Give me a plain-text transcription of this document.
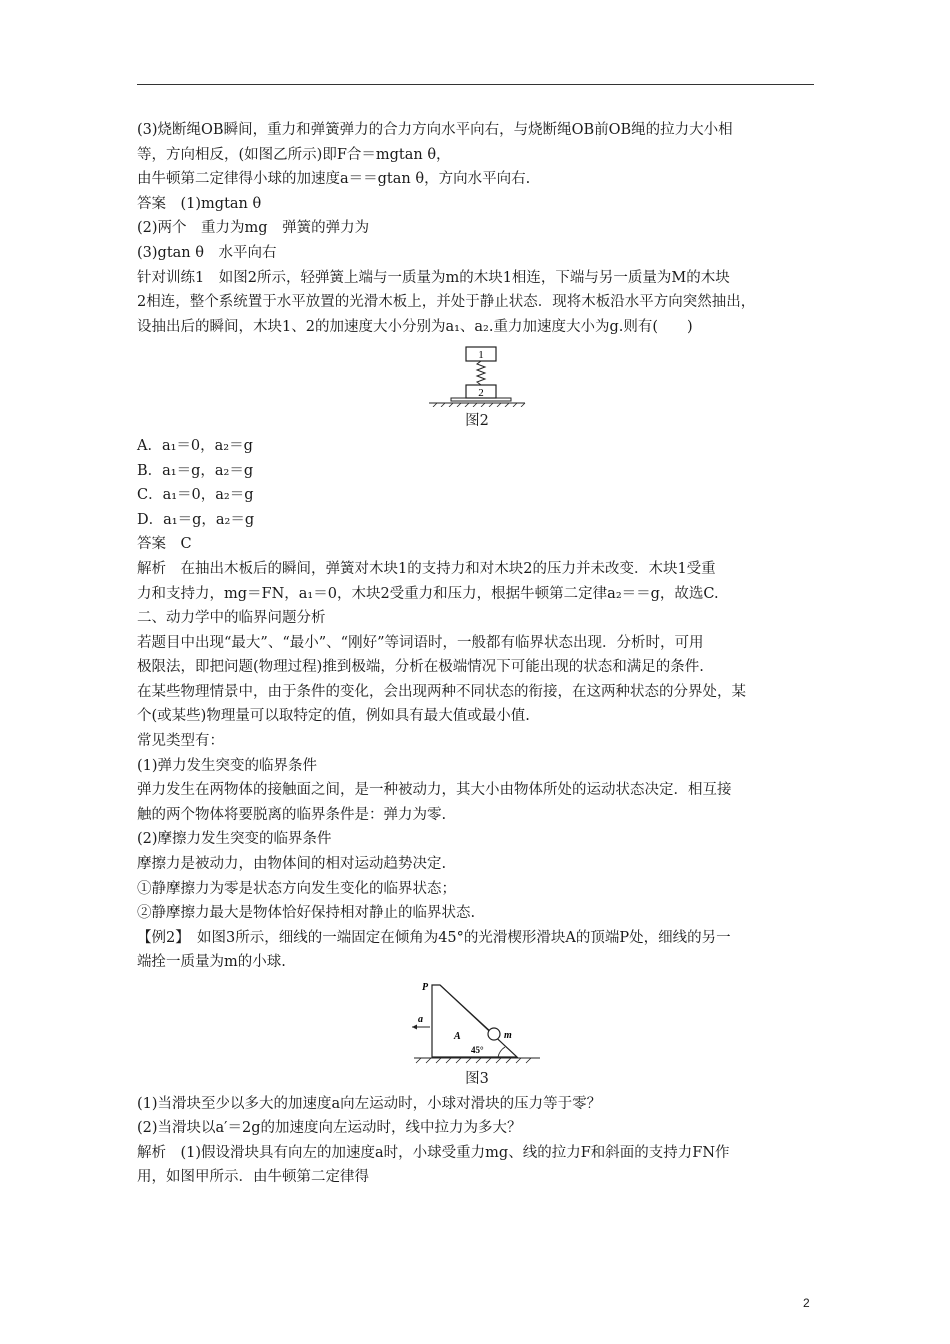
(3)烧断绳OB瞬间，重力和弹簧弹力的合力方向水平向右，与烧断绳OB前OB绳的拉力大小相

等，方向相反，(如图乙所示)即F合＝mgtan θ，

由牛顿第二定律得小球的加速度a＝＝gtan θ，方向水平向右.

答案　(1)mgtan θ

(2)两个　重力为mg　弹簧的弹力为

(3)gtan θ　水平向右

针对训练1　如图2所示，轻弹簧上端与一质量为m的木块1相连，下端与另一质量为M的木块

2相连，整个系统置于水平放置的光滑木板上，并处于静止状态．现将木板沿水平方向突然抽出，

设抽出后的瞬间，木块1、2的加速度大小分别为a₁、a₂.重力加速度大小为g.则有(　　)

1
2

图2

A．a₁＝0，a₂＝g

B．a₁＝g，a₂＝g

C．a₁＝0，a₂＝g

D．a₁＝g，a₂＝g

答案　C

解析　在抽出木板后的瞬间，弹簧对木块1的支持力和对木块2的压力并未改变．木块1受重

力和支持力，mg＝FN，a₁＝0，木块2受重力和压力，根据牛顿第二定律a₂＝＝g，故选C.

二、动力学中的临界问题分析

若题目中出现“最大”、“最小”、“刚好”等词语时，一般都有临界状态出现．分析时，可用

极限法，即把问题(物理过程)推到极端，分析在极端情况下可能出现的状态和满足的条件.

在某些物理情景中，由于条件的变化，会出现两种不同状态的衔接，在这两种状态的分界处，某

个(或某些)物理量可以取特定的值，例如具有最大值或最小值.

常见类型有：

(1)弹力发生突变的临界条件

弹力发生在两物体的接触面之间，是一种被动力，其大小由物体所处的运动状态决定．相互接

触的两个物体将要脱离的临界条件是：弹力为零.

(2)摩擦力发生突变的临界条件

摩擦力是被动力，由物体间的相对运动趋势决定.

①静摩擦力为零是状态方向发生变化的临界状态；

②静摩擦力最大是物体恰好保持相对静止的临界状态.

【例2】　如图3所示，细线的一端固定在倾角为45°的光滑楔形滑块A的顶端P处，细线的另一

端拴一质量为m的小球.

m
P
A
45°
a

图3

(1)当滑块至少以多大的加速度a向左运动时，小球对滑块的压力等于零？

(2)当滑块以a′＝2g的加速度向左运动时，线中拉力为多大？

解析　(1)假设滑块具有向左的加速度a时，小球受重力mg、线的拉力F和斜面的支持力FN作

用，如图甲所示．由牛顿第二定律得

2
